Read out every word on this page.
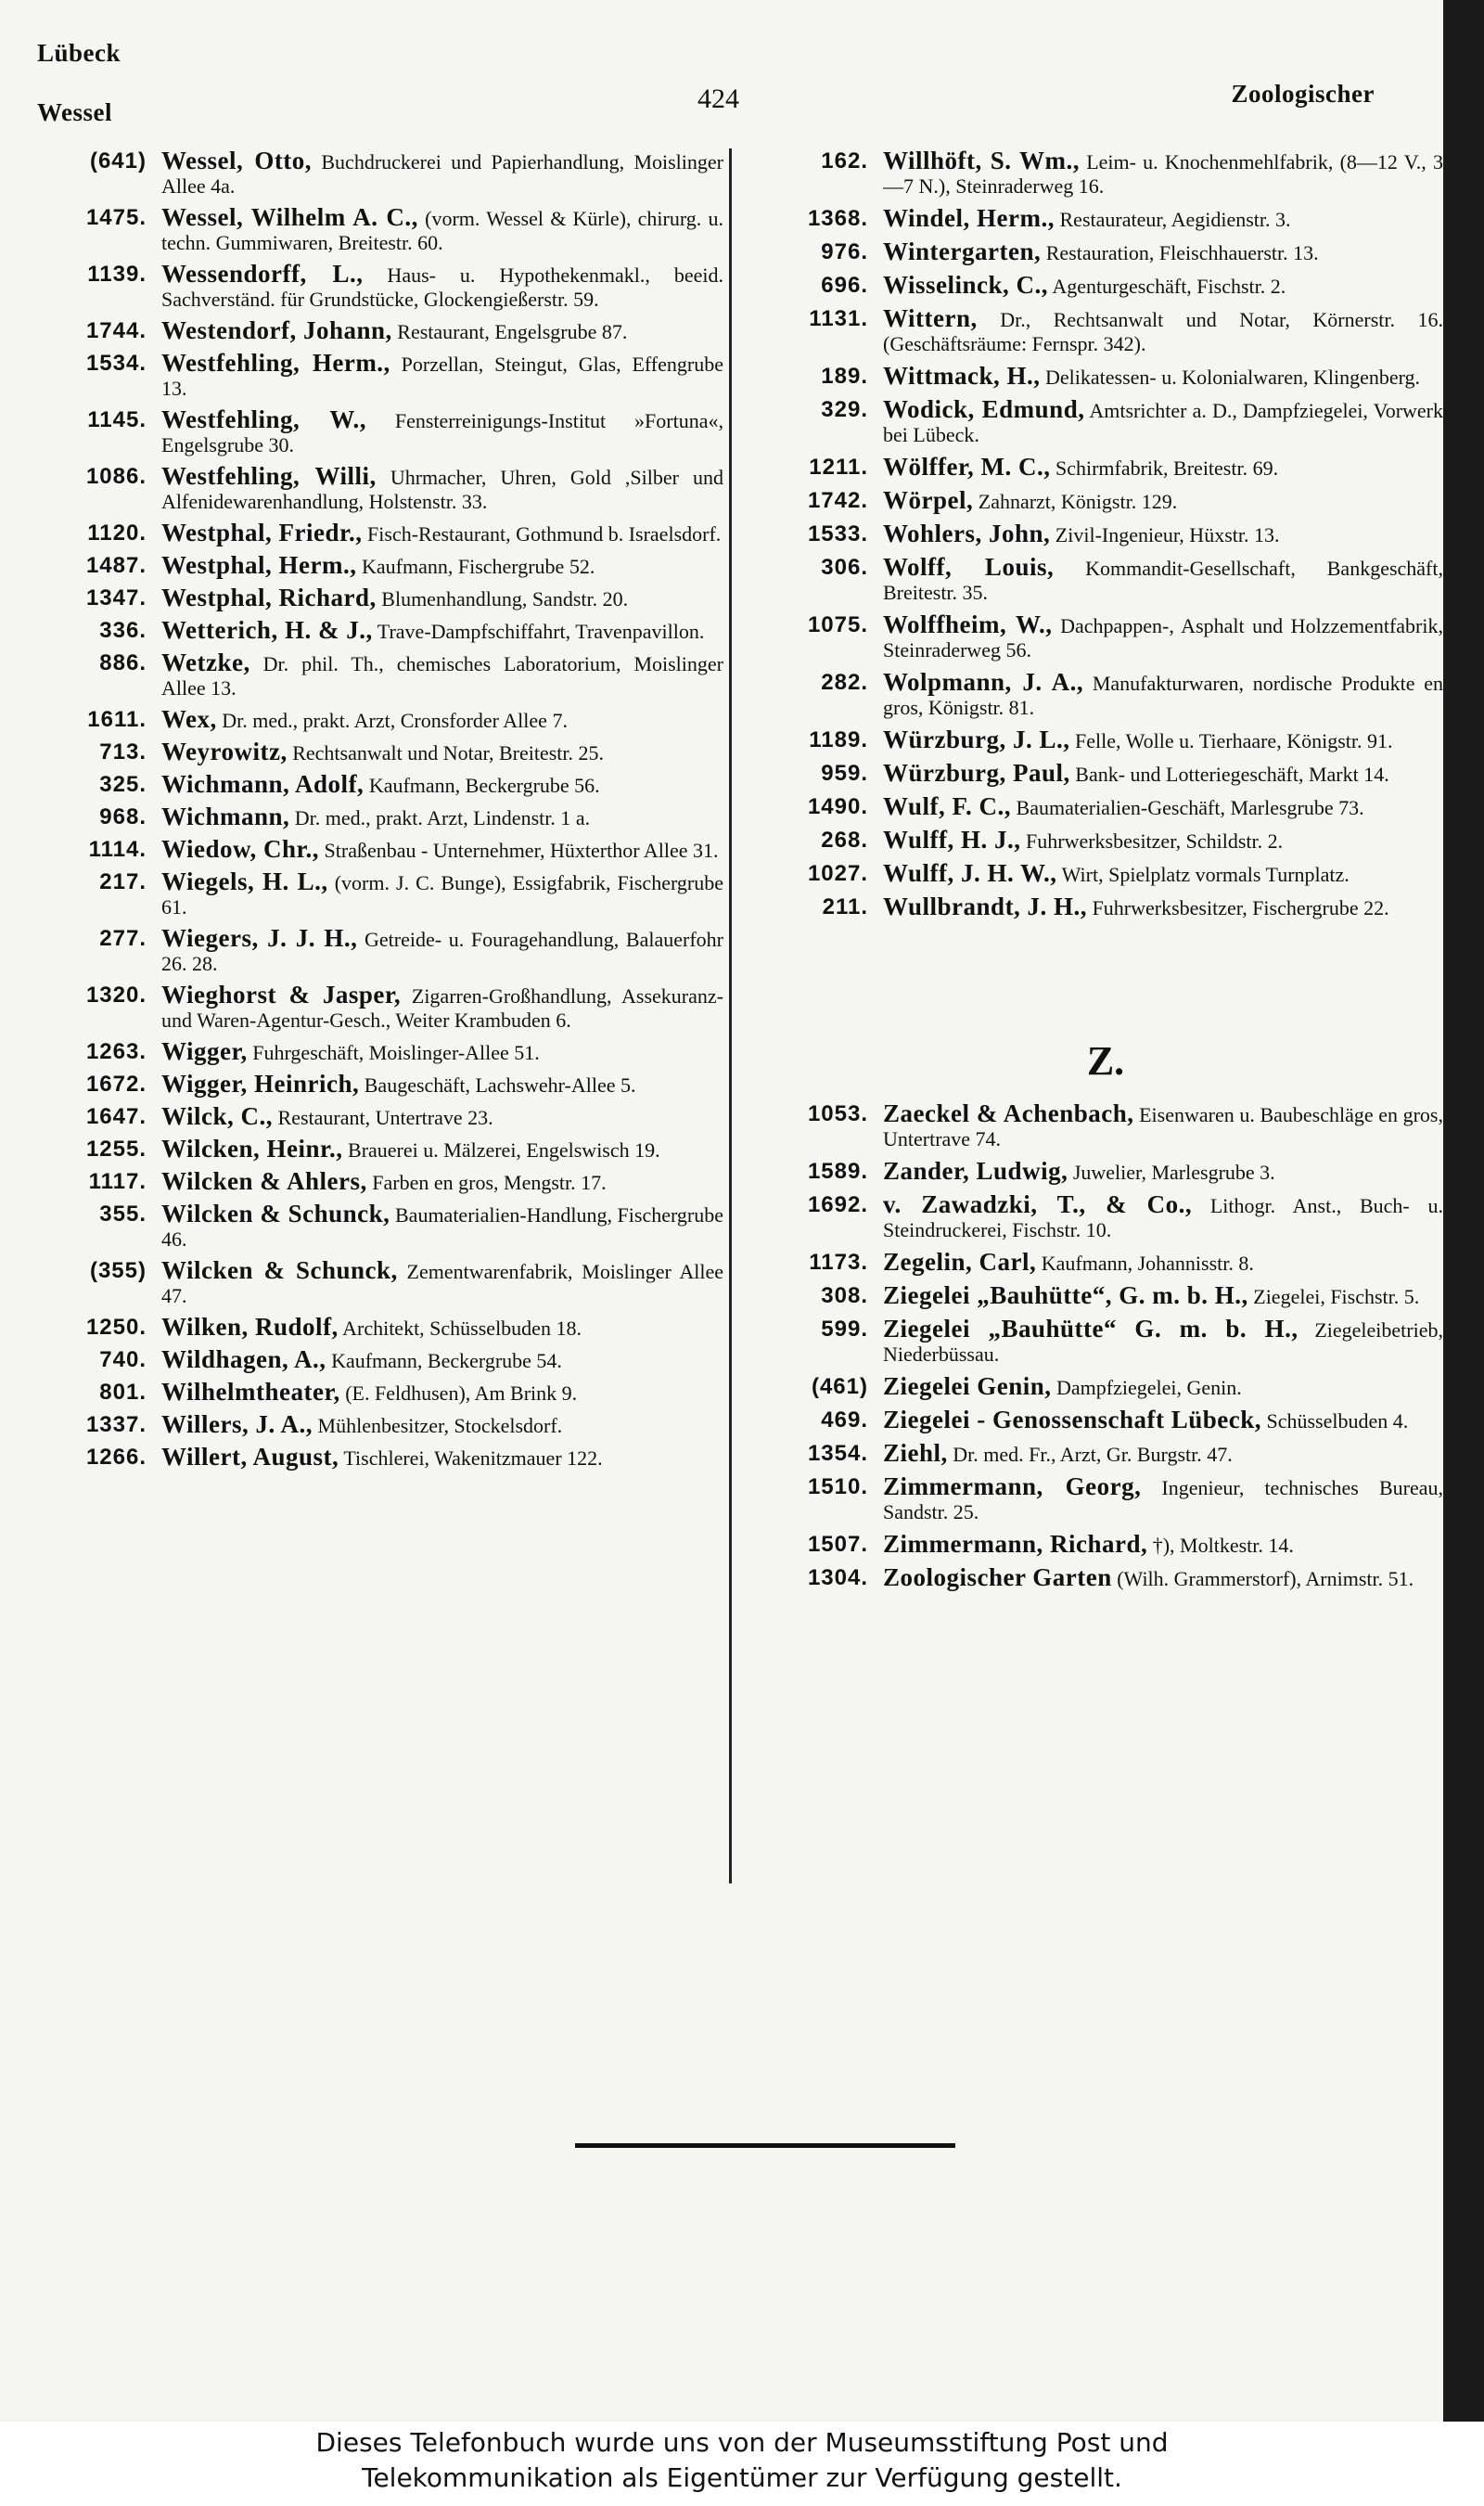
Lübeck
Wessel	424	Zoologischer
(641) Wessel, Otto, Buchdruckerei und Papierhandlung, Moislinger Allee 4a.
1475. Wessel, Wilhelm A. C., (vorm. Wessel & Kürle), chirurg. u. techn. Gummiwaren, Breitestr. 60.
1139. Wessendorff, L., Haus- u. Hypothekenmakl., beeid. Sachverständ. für Grundstücke, Glockengießerstr. 59.
1744. Westendorf, Johann, Restaurant, Engelsgrube 87.
1534. Westfehling, Herm., Porzellan, Steingut, Glas, Effengrube 13.
1145. Westfehling, W., Fensterreinigungs-Institut »Fortuna«, Engelsgrube 30.
1086. Westfehling, Willi, Uhrmacher, Uhren, Gold ,Silber und Alfenidewarenhandlung, Holstenstr. 33.
1120. Westphal, Friedr., Fisch-Restaurant, Gothmund b. Israelsdorf.
1487. Westphal, Herm., Kaufmann, Fischergrube 52.
1347. Westphal, Richard, Blumenhandlung, Sandstr. 20.
336. Wetterich, H. & J., Trave-Dampfschiffahrt, Travenpavillon.
886. Wetzke, Dr. phil. Th., chemisches Laboratorium, Moislinger Allee 13.
1611. Wex, Dr. med., prakt. Arzt, Cronsforder Allee 7.
713. Weyrowitz, Rechtsanwalt und Notar, Breitestr. 25.
325. Wichmann, Adolf, Kaufmann, Beckergrube 56.
968. Wichmann, Dr. med., prakt. Arzt, Lindenstr. 1 a.
1114. Wiedow, Chr., Straßenbau - Unternehmer, Hüxterthor Allee 31.
217. Wiegels, H. L., (vorm. J. C. Bunge), Essigfabrik, Fischergrube 61.
277. Wiegers, J. J. H., Getreide- u. Fouragehandlung, Balauerfohr 26. 28.
1320. Wieghorst & Jasper, Zigarren-Großhandlung, Assekuranz- und Waren-Agentur-Gesch., Weiter Krambuden 6.
1263. Wigger, Fuhrgeschäft, Moislinger-Allee 51.
1672. Wigger, Heinrich, Baugeschäft, Lachswehr-Allee 5.
1647. Wilck, C., Restaurant, Untertrave 23.
1255. Wilcken, Heinr., Brauerei u. Mälzerei, Engelswisch 19.
1117. Wilcken & Ahlers, Farben en gros, Mengstr. 17.
355. Wilcken & Schunck, Baumaterialien-Handlung, Fischergrube 46.
(355) Wilcken & Schunck, Zementwarenfabrik, Moislinger Allee 47.
1250. Wilken, Rudolf, Architekt, Schüsselbuden 18.
740. Wildhagen, A., Kaufmann, Beckergrube 54.
801. Wilhelmtheater, (E. Feldhusen), Am Brink 9.
1337. Willers, J. A., Mühlenbesitzer, Stockelsdorf.
1266. Willert, August, Tischlerei, Wakenitzmauer 122.
162. Willhöft, S. Wm., Leim- u. Knochenmehlfabrik, (8—12 V., 3—7 N.), Steinraderweg 16.
1368. Windel, Herm., Restaurateur, Aegidienstr. 3.
976. Wintergarten, Restauration, Fleischhauerstr. 13.
696. Wisselinck, C., Agenturgeschäft, Fischstr. 2.
1131. Wittern, Dr., Rechtsanwalt und Notar, Körnerstr. 16. (Geschäftsräume: Fernspr. 342).
189. Wittmack, H., Delikatessen- u. Kolonialwaren, Klingenberg.
329. Wodick, Edmund, Amtsrichter a. D., Dampfziegelei, Vorwerk bei Lübeck.
1211. Wölffer, M. C., Schirmfabrik, Breitestr. 69.
1742. Wörpel, Zahnarzt, Königstr. 129.
1533. Wohlers, John, Zivil-Ingenieur, Hüxstr. 13.
306. Wolff, Louis, Kommandit-Gesellschaft, Bankgeschäft, Breitestr. 35.
1075. Wolffheim, W., Dachpappen-, Asphalt und Holzzementfabrik, Steinraderweg 56.
282. Wolpmann, J. A., Manufakturwaren, nordische Produkte en gros, Königstr. 81.
1189. Würzburg, J. L., Felle, Wolle u. Tierhaare, Königstr. 91.
959. Würzburg, Paul, Bank- und Lotteriegeschäft, Markt 14.
1490. Wulf, F. C., Baumaterialien-Geschäft, Marlesgrube 73.
268. Wulff, H. J., Fuhrwerksbesitzer, Schildstr. 2.
1027. Wulff, J. H. W., Wirt, Spielplatz vormals Turnplatz.
211. Wullbrandt, J. H., Fuhrwerksbesitzer, Fischergrube 22.
Z.
1053. Zaeckel & Achenbach, Eisenwaren u. Baubeschläge en gros, Untertrave 74.
1589. Zander, Ludwig, Juwelier, Marlesgrube 3.
1692. v. Zawadzki, T., & Co., Lithogr. Anst., Buch- u. Steindruckerei, Fischstr. 10.
1173. Zegelin, Carl, Kaufmann, Johannisstr. 8.
308. Ziegelei „Bauhütte“, G. m. b. H., Ziegelei, Fischstr. 5.
599. Ziegelei „Bauhütte“ G. m. b. H., Ziegeleibetrieb, Niederbüssau.
(461) Ziegelei Genin, Dampfziegelei, Genin.
469. Ziegelei - Genossenschaft Lübeck, Schüsselbuden 4.
1354. Ziehl, Dr. med. Fr., Arzt, Gr. Burgstr. 47.
1510. Zimmermann, Georg, Ingenieur, technisches Bureau, Sandstr. 25.
1507. Zimmermann, Richard, †), Moltkestr. 14.
1304. Zoologischer Garten (Wilh. Grammerstorf), Arnimstr. 51.
Dieses Telefonbuch wurde uns von der Museumsstiftung Post und
Telekommunikation als Eigentümer zur Verfügung gestellt.
